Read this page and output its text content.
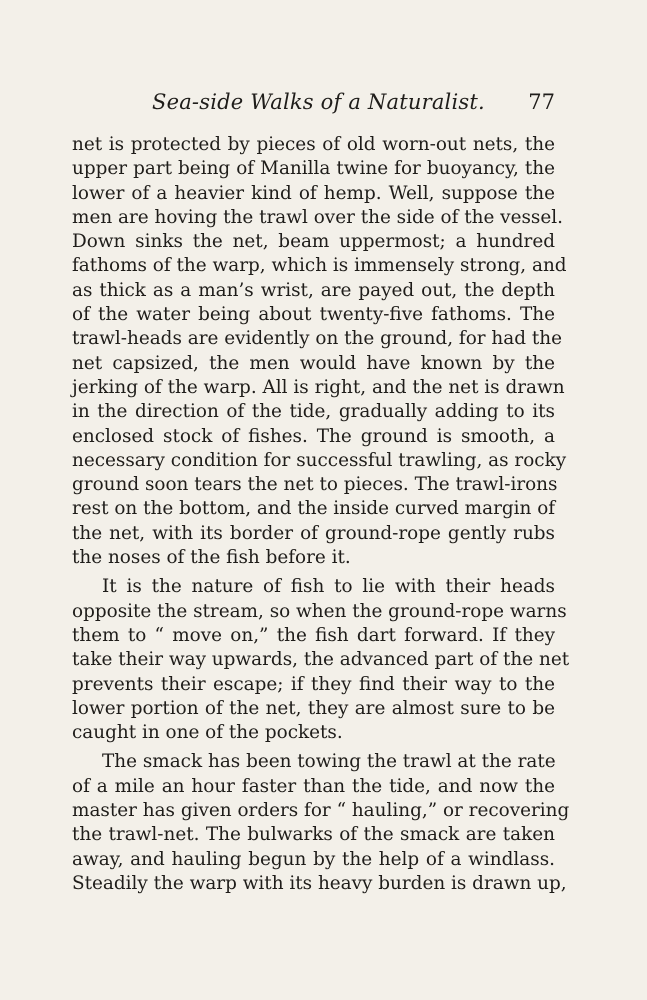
Sea-side Walks of a Naturalist. 77
net is protected by pieces of old worn-out nets, the
upper part being of Manilla twine for buoyancy, the
lower of a heavier kind of hemp. Well, suppose the
men are hoving the trawl over the side of the vessel.
Down sinks the net, beam uppermost; a hundred
fathoms of the warp, which is immensely strong, and
as thick as a man’s wrist, are payed out, the depth
of the water being about twenty-five fathoms. The
trawl-heads are evidently on the ground, for had the
net capsized, the men would have known by the
jerking of the warp. All is right, and the net is drawn
in the direction of the tide, gradually adding to its
enclosed stock of fishes. The ground is smooth, a
necessary condition for successful trawling, as rocky
ground soon tears the net to pieces. The trawl-irons
rest on the bottom, and the inside curved margin of
the net, with its border of ground-rope gently rubs
the noses of the fish before it.
It is the nature of fish to lie with their heads
opposite the stream, so when the ground-rope warns
them to “ move on,” the fish dart forward. If they
take their way upwards, the advanced part of the net
prevents their escape; if they find their way to the
lower portion of the net, they are almost sure to be
caught in one of the pockets.
The smack has been towing the trawl at the rate
of a mile an hour faster than the tide, and now the
master has given orders for “ hauling,” or recovering
the trawl-net. The bulwarks of the smack are taken
away, and hauling begun by the help of a windlass.
Steadily the warp with its heavy burden is drawn up,
